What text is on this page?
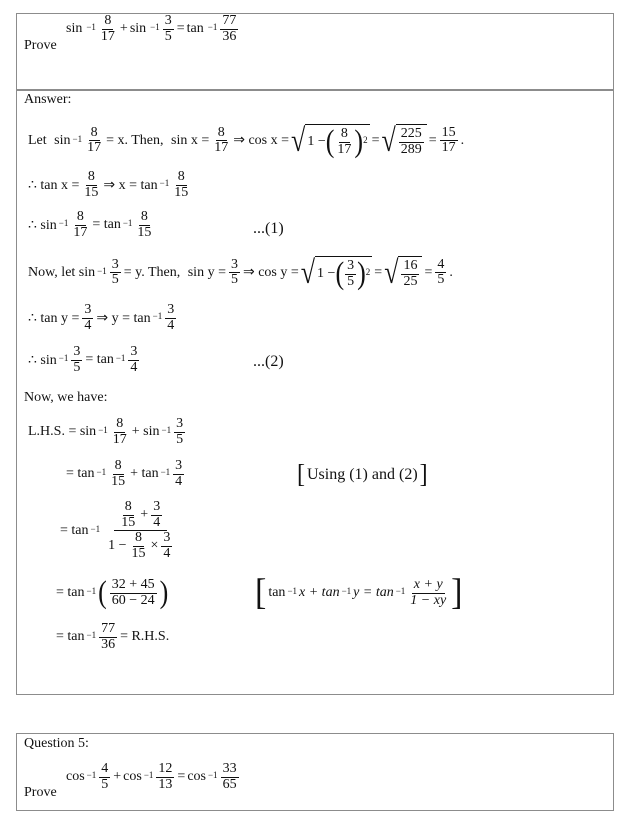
Prove
$\sin -1 \frac{8}{17} + \sin -1 \frac{3}{5} = \tan -1 \frac{77}{36}$
Answer:
Let
$\sin -1 \frac{8}{17} = x$. Then,
$\sin x = \frac{8}{17}$ ⇒ cos x = √ 1 − ( $\frac{8}{17}$ ) 2 = √ $\frac{225}{289} = \frac{15}{17}$ .
∴ $\tan x = \frac{8}{15}$ ⇒ $x = \tan -1 \frac{8}{15}$
∴ $\sin -1 \frac{8}{17} = \tan -1 \frac{8}{15}$	...(1)
Now, let $\sin -1 \frac{3}{5} = y$. Then,
$\sin y = \frac{3}{5}$ ⇒ cos y = √ 1 − ( $\frac{3}{5}$ ) 2 = √ $\frac{16}{25} = \frac{4}{5}$ .
∴ $\tan y = \frac{3}{4}$ ⇒ $y = \tan -1 \frac{3}{4}$
∴ $\sin -1 \frac{3}{5} = \tan -1 \frac{3}{4}$	...(2)
Now, we have:
L.H.S. = $\sin -1 \frac{8}{17} + \sin -1 \frac{3}{5}$
= $\tan -1 \frac{8}{15} + \tan -1 \frac{3}{4}$	[ Using (1) and (2) ]
= $\tan -1 \frac{\frac{8}{15} + \frac{3}{4}}{1 - \frac{8}{15} \times \frac{3}{4}}$
= tan −1 ( $\frac{32 + 45}{60 - 24}$ )	[ tan −1 x + tan −1 $y = \tan -1 \frac{x + y}{1 - xy}$ ]
= $\tan -1 \frac{77}{36} = R.H.S$.
Question 5:
Prove
$\cos -1 \frac{4}{5} + \cos -1 \frac{12}{13} = \cos -1 \frac{33}{65}$
